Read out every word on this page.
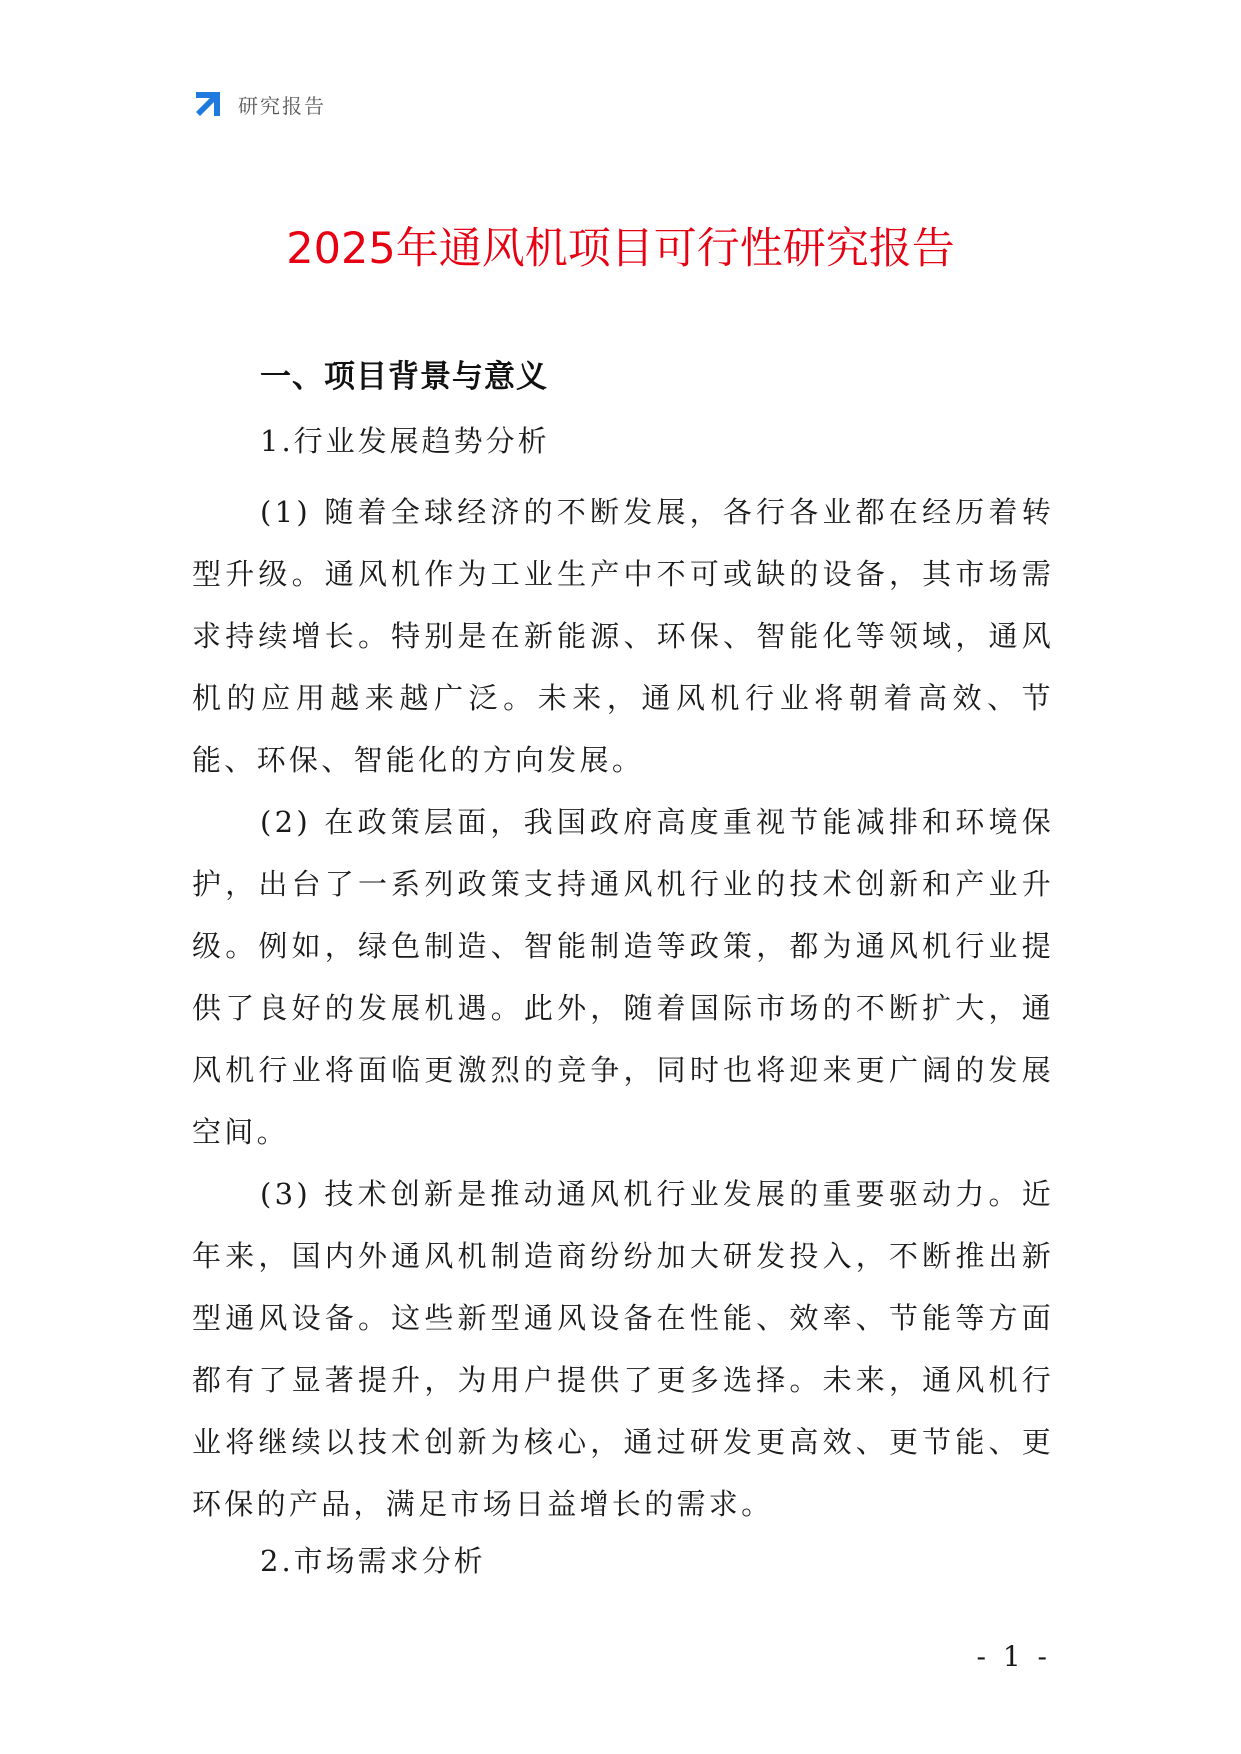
研究报告
2025年通风机项目可行性研究报告

一、项目背景与意义

1.行业发展趋势分析

(1) 随着全球经济的不断发展，各行各业都在经历着转型升级。通风机作为工业生产中不可或缺的设备，其市场需求持续增长。特别是在新能源、环保、智能化等领域，通风机的应用越来越广泛。未来，通风机行业将朝着高效、节能、环保、智能化的方向发展。

(2) 在政策层面，我国政府高度重视节能减排和环境保护，出台了一系列政策支持通风机行业的技术创新和产业升级。例如，绿色制造、智能制造等政策，都为通风机行业提供了良好的发展机遇。此外，随着国际市场的不断扩大，通风机行业将面临更激烈的竞争，同时也将迎来更广阔的发展空间。

(3) 技术创新是推动通风机行业发展的重要驱动力。近年来，国内外通风机制造商纷纷加大研发投入，不断推出新型通风设备。这些新型通风设备在性能、效率、节能等方面都有了显著提升，为用户提供了更多选择。未来，通风机行业将继续以技术创新为核心，通过研发更高效、更节能、更环保的产品，满足市场日益增长的需求。

2.市场需求分析

- 1 -
